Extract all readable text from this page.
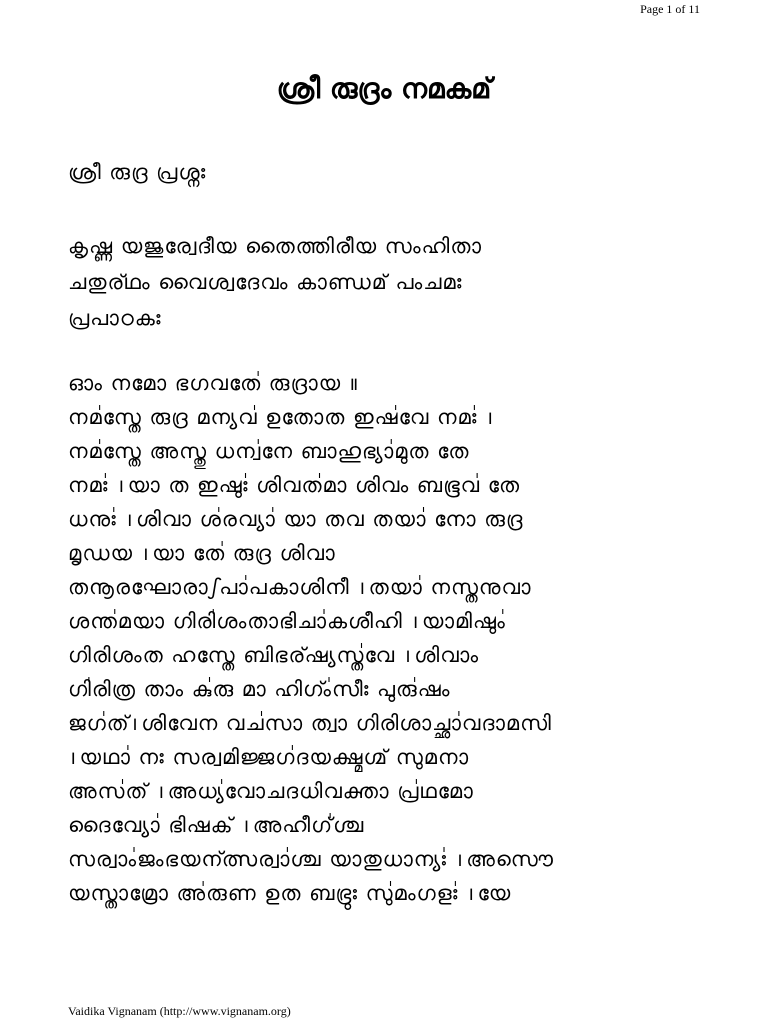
Page 1 of 11
ശ്രീ രുദ്രം നമകമ്
ശ്രീ രുദ്ര പ്രശ്നഃ
കൃഷ്ണ യജുര്വേദീയ തൈത്തിരീയ സംഹിതാ
ചതുര്ഥം വൈശ്വദേവം കാണ്ഡമ് പംചമഃ
പ്രപാഠകഃ
ഓം നമോ ഭഗവതേ॑ രുദ്രായ ॥
നമ॑സ്തേ രുദ്ര മന്യവ॑ ഉതോത ഇഷ॑വേ നമഃ॑ ।
നമ॑സ്തേ അസ്തു ധന്വ॑നേ ബാഹുഭ്യാ॑മുത തേ
നമഃ॑ ।യാ ത ഇഷുഃ॑ ശിവത॑മാ ശിവം ബഭൂവ॑ തേ
ധനുഃ॑ ।ശിവാ ശ॑രവ്യാ॑ യാ തവ തയാ॑ നോ രുദ്ര
മൃഡയ ।യാ തേ॑ രുദ്ര ശിവാ
തനൂരഘോരാഽപാ॑പകാശിനീ ।തയാ॑ നസ്തനുവാ
ശന്ത॑മയാ ഗിരി॑ശംതാഭിചാ॑കശീഹി ।യാമിഷും॑
ഗിരിശംത ഹസ്തേ ബിഭര്ഷ്യസ്ത॑വേ ।ശിവാം
ഗി॑രിത്ര താം കു॑രു മാ ഹിഗ്ം॑സീഃ പുരു॑ഷം
ജഗ॑ത്।ശിവേന വച॑സാ ത്വാ ഗിരിശാച്ഛാ॑വദാമസി
।യഥാ॑ നഃ സര്വമിജ്ജഗ॑ദയക്ഷ്മഗ്മ് സുമനാ
അസ॑ത് ।അധ്യ॑വോചദധിവക്താ പ്ര॑ഥമോ
ദൈവ്യോ॑ ഭിഷക് ।അഹീഗ്॑ശ്ച
സര്വാം॑ജംഭയന്ത്സര്വാ॑ശ്ച യാതുധാന്യഃ॑ ।അസൌ
യസ്താമ്രോ അ॑രുണ ഉത ബഭ്രുഃ സു॑മംഗളഃ॑ ।യേ
Vaidika Vignanam (http://www.vignanam.org)
